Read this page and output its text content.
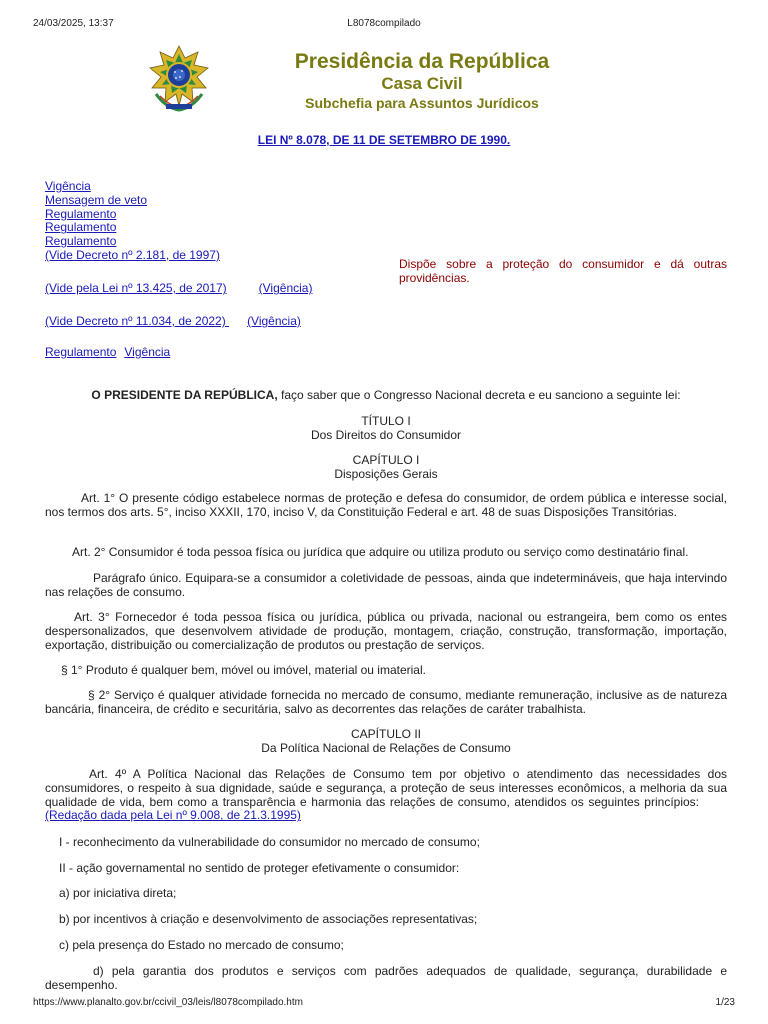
24/03/2025, 13:37	L8078compilado
Presidência da República
Casa Civil
Subchefia para Assuntos Jurídicos
LEI Nº 8.078, DE 11 DE SETEMBRO DE 1990.
Vigência
Mensagem de veto
Regulamento
Regulamento
Regulamento
(Vide Decreto nº 2.181, de 1997)
Dispõe sobre a proteção do consumidor e dá outras providências.
(Vide pela Lei nº 13.425, de 2017)	(Vigência)
(Vide Decreto nº 11.034, de 2022) (Vigência)
Regulamento Vigência
O PRESIDENTE DA REPÚBLICA, faço saber que o Congresso Nacional decreta e eu sanciono a seguinte lei:
TÍTULO I
Dos Direitos do Consumidor
CAPÍTULO I
Disposições Gerais
Art. 1° O presente código estabelece normas de proteção e defesa do consumidor, de ordem pública e interesse social, nos termos dos arts. 5°, inciso XXXII, 170, inciso V, da Constituição Federal e art. 48 de suas Disposições Transitórias.
Art. 2° Consumidor é toda pessoa física ou jurídica que adquire ou utiliza produto ou serviço como destinatário final.
Parágrafo único. Equipara-se a consumidor a coletividade de pessoas, ainda que indetermináveis, que haja intervindo nas relações de consumo.
Art. 3° Fornecedor é toda pessoa física ou jurídica, pública ou privada, nacional ou estrangeira, bem como os entes despersonalizados, que desenvolvem atividade de produção, montagem, criação, construção, transformação, importação, exportação, distribuição ou comercialização de produtos ou prestação de serviços.
§ 1° Produto é qualquer bem, móvel ou imóvel, material ou imaterial.
§ 2° Serviço é qualquer atividade fornecida no mercado de consumo, mediante remuneração, inclusive as de natureza bancária, financeira, de crédito e securitária, salvo as decorrentes das relações de caráter trabalhista.
CAPÍTULO II
Da Política Nacional de Relações de Consumo
Art. 4º A Política Nacional das Relações de Consumo tem por objetivo o atendimento das necessidades dos consumidores, o respeito à sua dignidade, saúde e segurança, a proteção de seus interesses econômicos, a melhoria da sua qualidade de vida, bem como a transparência e harmonia das relações de consumo, atendidos os seguintes princípios:(Redação dada pela Lei nº 9.008, de 21.3.1995)
I - reconhecimento da vulnerabilidade do consumidor no mercado de consumo;
II - ação governamental no sentido de proteger efetivamente o consumidor:
a) por iniciativa direta;
b) por incentivos à criação e desenvolvimento de associações representativas;
c) pela presença do Estado no mercado de consumo;
d) pela garantia dos produtos e serviços com padrões adequados de qualidade, segurança, durabilidade e desempenho.
https://www.planalto.gov.br/ccivil_03/leis/l8078compilado.htm	1/23
